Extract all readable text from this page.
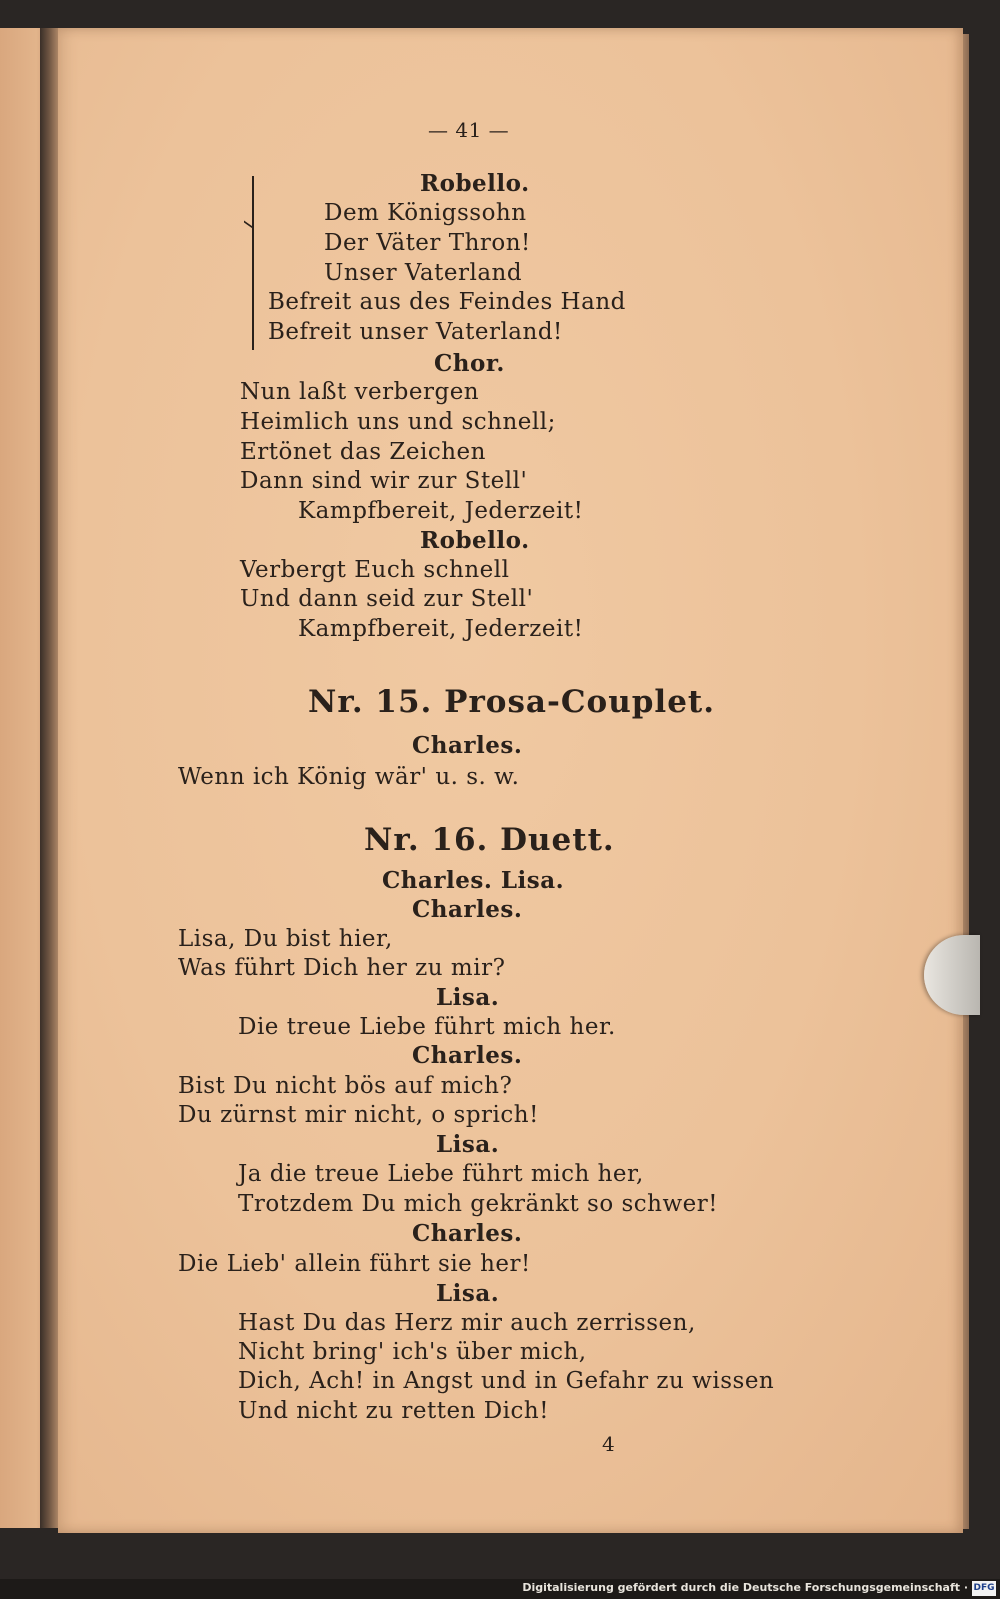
— 41 —
Robello.
Dem Königssohn
Der Väter Thron!
Unser Vaterland
Befreit aus des Feindes Hand
Befreit unser Vaterland!
Chor.
Nun laßt verbergen
Heimlich uns und schnell;
Ertönet das Zeichen
Dann sind wir zur Stell'
Kampfbereit, Jederzeit!
Robello.
Verbergt Euch schnell
Und dann seid zur Stell'
Kampfbereit, Jederzeit!
Nr. 15. Prosa-Couplet.
Charles.
Wenn ich König wär' u. s. w.
Nr. 16. Duett.
Charles. Lisa.
Charles.
Lisa, Du bist hier,
Was führt Dich her zu mir?
Lisa.
Die treue Liebe führt mich her.
Charles.
Bist Du nicht bös auf mich?
Du zürnst mir nicht, o sprich!
Lisa.
Ja die treue Liebe führt mich her,
Trotzdem Du mich gekränkt so schwer!
Charles.
Die Lieb' allein führt sie her!
Lisa.
Hast Du das Herz mir auch zerrissen,
Nicht bring' ich's über mich,
Dich, Ach! in Angst und in Gefahr zu wissen
Und nicht zu retten Dich!
4
Digitalisierung gefördert durch die Deutsche Forschungsgemeinschaft · DFG
